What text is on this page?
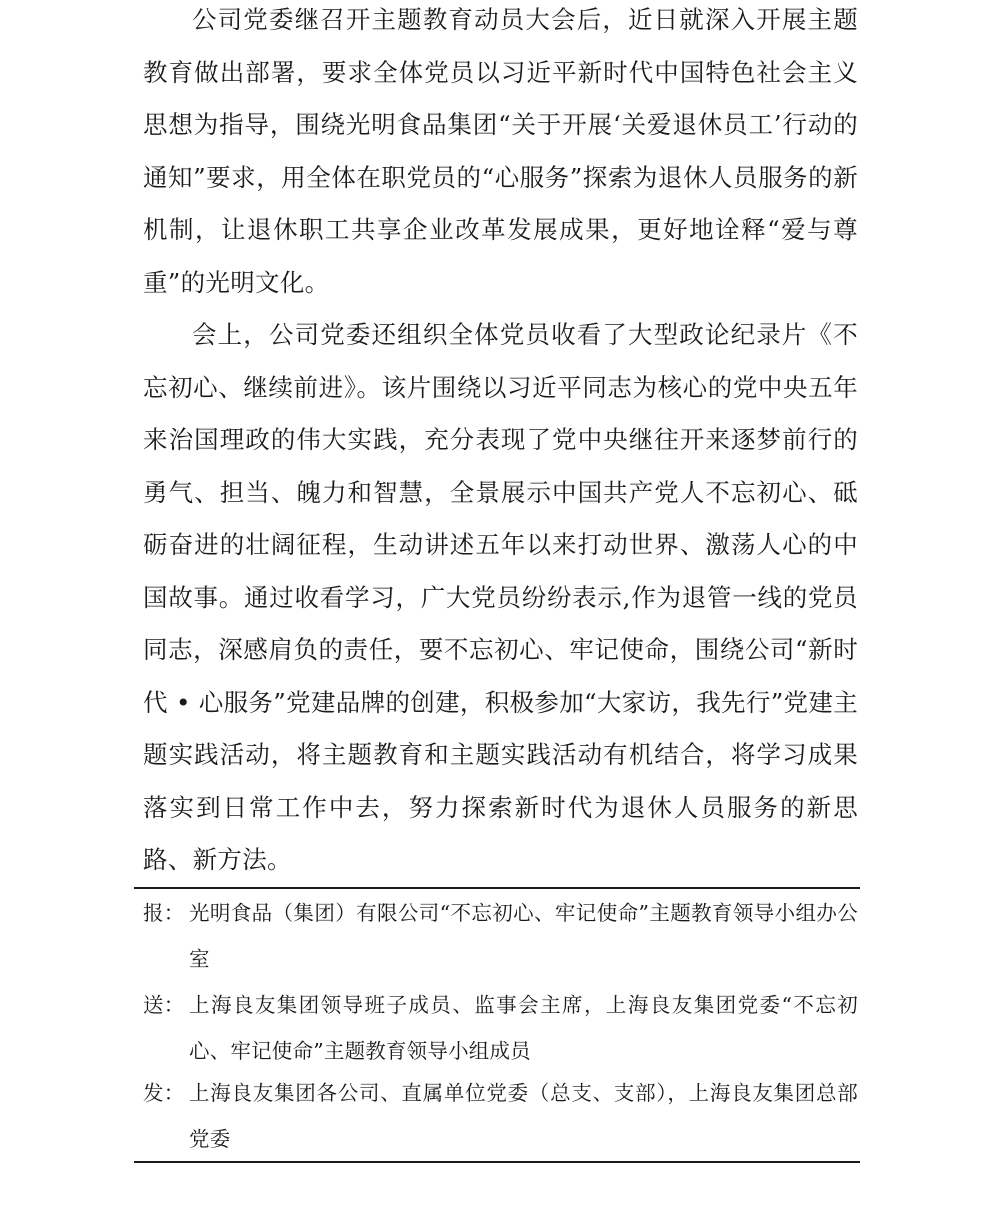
公司党委继召开主题教育动员大会后，近日就深入开展主题教育做出部署，要求全体党员以习近平新时代中国特色社会主义思想为指导，围绕光明食品集团“关于开展‘关爱退休员工’行动的通知”要求，用全体在职党员的“心服务”探索为退休人员服务的新机制，让退休职工共享企业改革发展成果，更好地诠释“爱与尊重”的光明文化。

会上，公司党委还组织全体党员收看了大型政论纪录片《不忘初心、继续前进》。该片围绕以习近平同志为核心的党中央五年来治国理政的伟大实践，充分表现了党中央继往开来逐梦前行的勇气、担当、魄力和智慧，全景展示中国共产党人不忘初心、砥砺奋进的壮阔征程，生动讲述五年以来打动世界、激荡人心的中国故事。通过收看学习，广大党员纷纷表示,作为退管一线的党员同志，深感肩负的责任，要不忘初心、牢记使命，围绕公司“新时代 • 心服务”党建品牌的创建，积极参加“大家访，我先行”党建主题实践活动，将主题教育和主题实践活动有机结合，将学习成果落实到日常工作中去，努力探索新时代为退休人员服务的新思路、新方法。

报： 光明食品（集团）有限公司“不忘初心、牢记使命”主题教育领导小组办公室
送： 上海良友集团领导班子成员、监事会主席，上海良友集团党委“不忘初心、牢记使命”主题教育领导小组成员
发： 上海良友集团各公司、直属单位党委（总支、支部），上海良友集团总部党委
